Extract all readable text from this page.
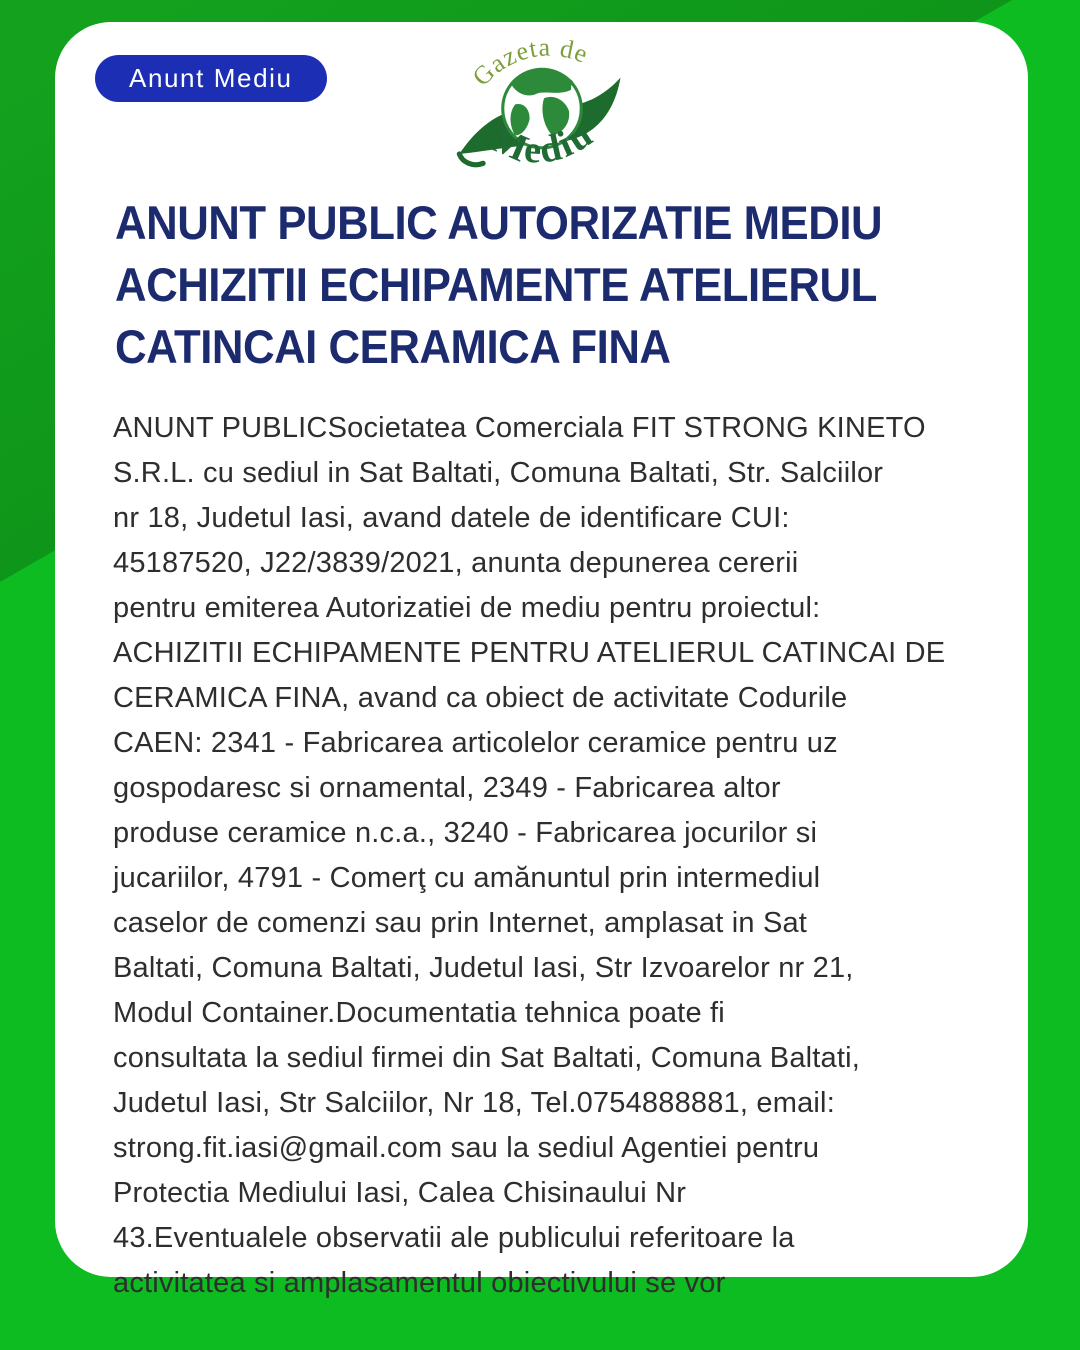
Anunt Mediu	Gazeta de
Mediu
ANUNT PUBLIC AUTORIZATIE MEDIU
ACHIZITII ECHIPAMENTE ATELIERUL
CATINCAI CERAMICA FINA
ANUNT PUBLICSocietatea Comerciala FIT STRONG KINETO
S.R.L. cu sediul in Sat Baltati, Comuna Baltati, Str. Salciilor
nr 18, Judetul Iasi, avand datele de identificare CUI:
45187520, J22/3839/2021, anunta depunerea cererii
pentru emiterea Autorizatiei de mediu pentru proiectul:
ACHIZITII ECHIPAMENTE PENTRU ATELIERUL CATINCAI DE
CERAMICA FINA, avand ca obiect de activitate Codurile
CAEN: 2341 - Fabricarea articolelor ceramice pentru uz
gospodaresc si ornamental, 2349 - Fabricarea altor
produse ceramice n.c.a., 3240 - Fabricarea jocurilor si
jucariilor, 4791 - Comerţ cu amănuntul prin intermediul
caselor de comenzi sau prin Internet, amplasat in Sat
Baltati, Comuna Baltati, Judetul Iasi, Str Izvoarelor nr 21,
Modul Container.Documentatia tehnica poate fi
consultata la sediul firmei din Sat Baltati, Comuna Baltati,
Judetul Iasi, Str Salciilor, Nr 18, Tel.0754888881, email:
strong.fit.iasi@gmail.com sau la sediul Agentiei pentru
Protectia Mediului Iasi, Calea Chisinaului Nr
43.Eventualele observatii ale publicului referitoare la
activitatea si amplasamentul obiectivului se vor
